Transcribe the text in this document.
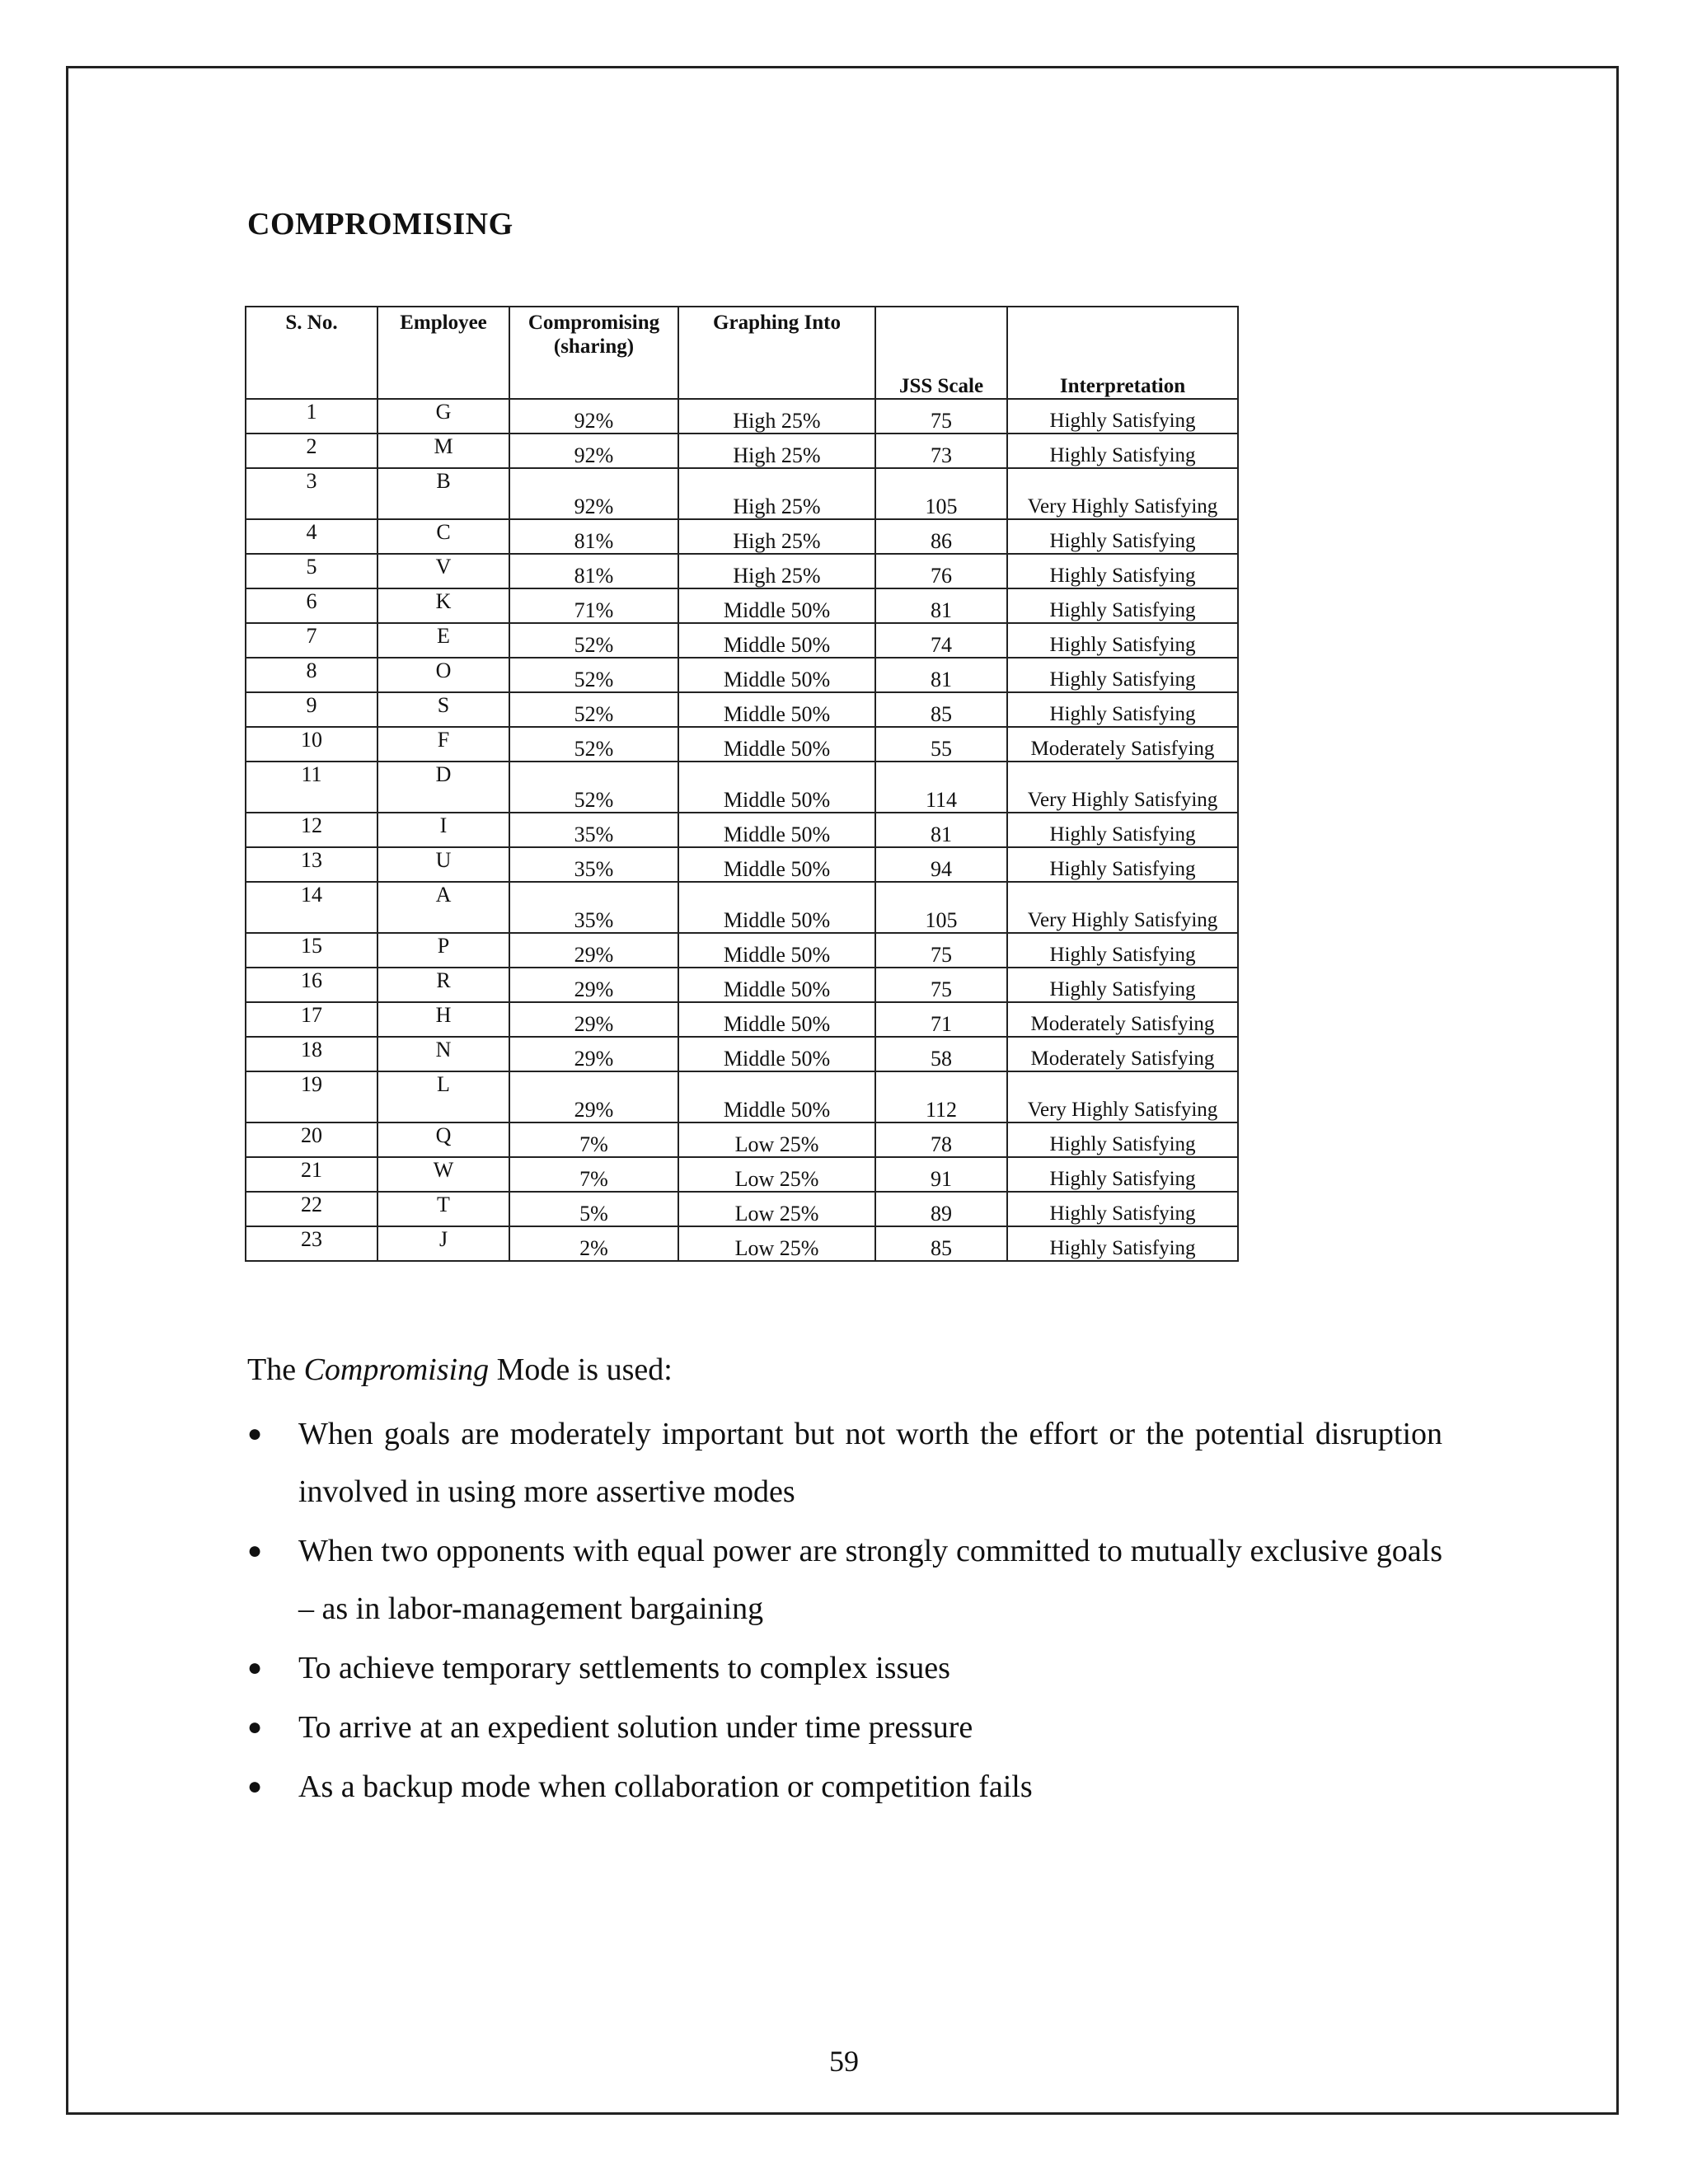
COMPROMISING
S. No.	Employee	Compromising (sharing)	Graphing Into	JSS Scale	Interpretation
1	G	92%	High 25%	75	Highly Satisfying
2	M	92%	High 25%	73	Highly Satisfying
3	B	92%	High 25%	105	Very Highly Satisfying
4	C	81%	High 25%	86	Highly Satisfying
5	V	81%	High 25%	76	Highly Satisfying
6	K	71%	Middle 50%	81	Highly Satisfying
7	E	52%	Middle 50%	74	Highly Satisfying
8	O	52%	Middle 50%	81	Highly Satisfying
9	S	52%	Middle 50%	85	Highly Satisfying
10	F	52%	Middle 50%	55	Moderately Satisfying
11	D	52%	Middle 50%	114	Very Highly Satisfying
12	I	35%	Middle 50%	81	Highly Satisfying
13	U	35%	Middle 50%	94	Highly Satisfying
14	A	35%	Middle 50%	105	Very Highly Satisfying
15	P	29%	Middle 50%	75	Highly Satisfying
16	R	29%	Middle 50%	75	Highly Satisfying
17	H	29%	Middle 50%	71	Moderately Satisfying
18	N	29%	Middle 50%	58	Moderately Satisfying
19	L	29%	Middle 50%	112	Very Highly Satisfying
20	Q	7%	Low 25%	78	Highly Satisfying
21	W	7%	Low 25%	91	Highly Satisfying
22	T	5%	Low 25%	89	Highly Satisfying
23	J	2%	Low 25%	85	Highly Satisfying
The Compromising Mode is used:
● When goals are moderately important but not worth the effort or the potential disruption involved in using more assertive modes
● When two opponents with equal power are strongly committed to mutually exclusive goals – as in labor-management bargaining
● To achieve temporary settlements to complex issues
● To arrive at an expedient solution under time pressure
● As a backup mode when collaboration or competition fails
59
